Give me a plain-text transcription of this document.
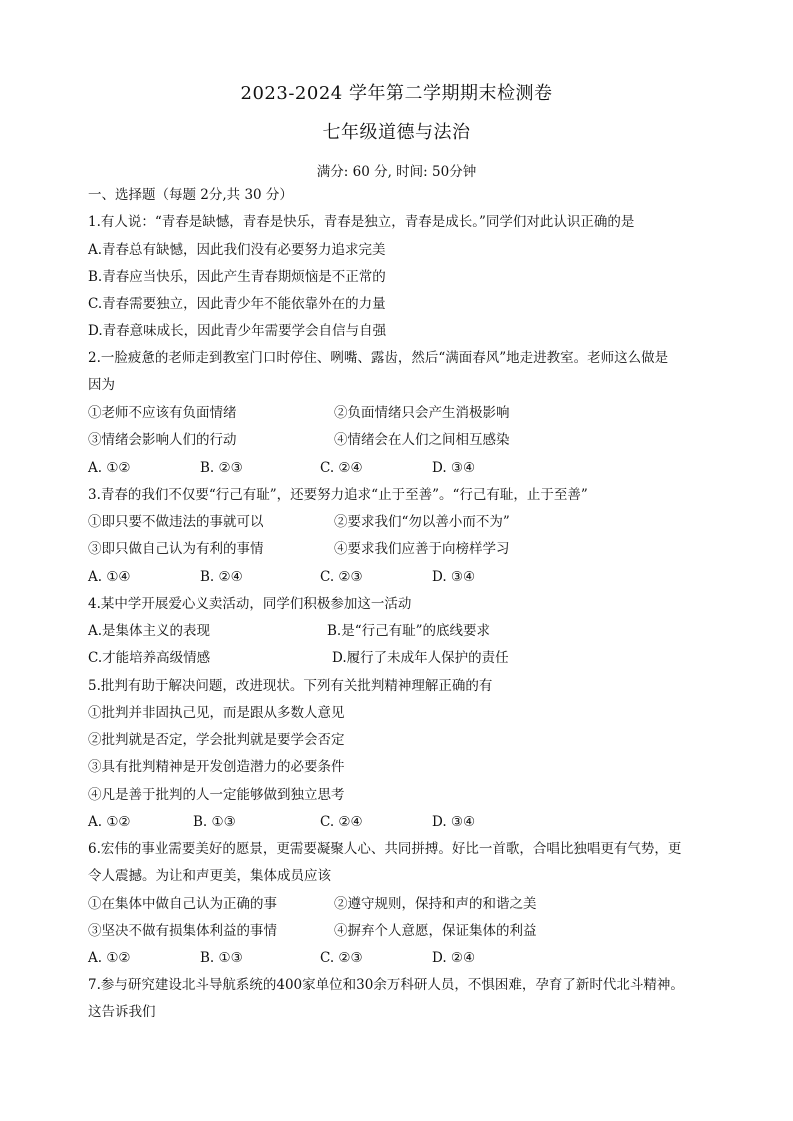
2023-2024 学年第二学期期末检测卷
七年级道德与法治
满分: 60 分, 时间: 50分钟
一、选择题（每题 2分,共 30 分）
1.有人说：“青春是缺憾，青春是快乐，青春是独立，青春是成长。”同学们对此认识正确的是
A.青春总有缺憾，因此我们没有必要努力追求完美
B.青春应当快乐，因此产生青春期烦恼是不正常的
C.青春需要独立，因此青少年不能依靠外在的力量
D.青春意味成长，因此青少年需要学会自信与自强
2.一脸疲惫的老师走到教室门口时停住、咧嘴、露齿，然后“满面春风”地走进教室。老师这么做是
因为
①老师不应该有负面情绪	②负面情绪只会产生消极影响
③情绪会影响人们的行动	④情绪会在人们之间相互感染
A. ①②	B. ②③	C. ②④	D. ③④
3.青春的我们不仅要“行己有耻”，还要努力追求“止于至善”。“行己有耻，止于至善”
①即只要不做违法的事就可以	②要求我们“勿以善小而不为”
③即只做自己认为有利的事情	④要求我们应善于向榜样学习
A. ①④	B. ②④	C. ②③	D. ③④
4.某中学开展爱心义卖活动，同学们积极参加这一活动
A.是集体主义的表现	B.是“行己有耻”的底线要求
C.才能培养高级情感	D.履行了未成年人保护的责任
5.批判有助于解决问题，改进现状。下列有关批判精神理解正确的有
①批判并非固执己见，而是跟从多数人意见
②批判就是否定，学会批判就是要学会否定
③具有批判精神是开发创造潜力的必要条件
④凡是善于批判的人一定能够做到独立思考
A. ①②	B. ①③	C. ②④	D. ③④
6.宏伟的事业需要美好的愿景，更需要凝聚人心、共同拼搏。好比一首歌，合唱比独唱更有气势，更
令人震撼。为让和声更美，集体成员应该
①在集体中做自己认为正确的事	②遵守规则，保持和声的和谐之美
③坚决不做有损集体利益的事情	④摒弃个人意愿，保证集体的利益
A. ①②	B. ①③	C. ②③	D. ②④
7.参与研究建设北斗导航系统的400家单位和30余万科研人员，不惧困难，孕育了新时代北斗精神。
这告诉我们
